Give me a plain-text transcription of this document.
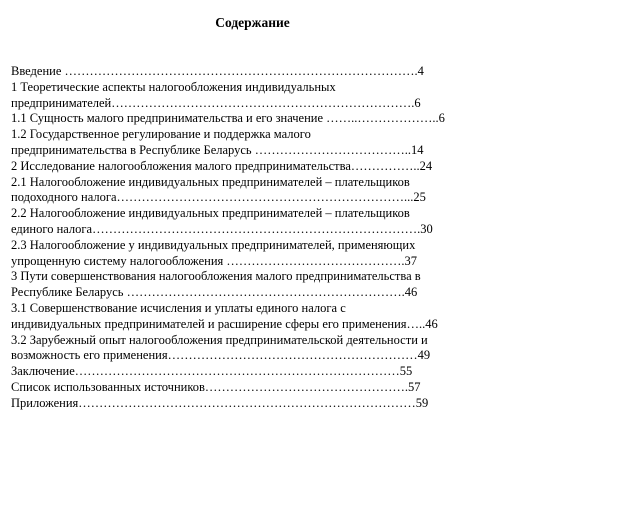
Содержание

Введение ………………………………………………………………………….4

1 Теоретические аспекты налогообложения индивидуальных
предпринимателей……………………………………………………………….6

1.1 Сущность малого предпринимательства и его значение ……..………………..6

1.2 Государственное регулирование и поддержка малого
предпринимательства в Республике Беларусь ………………………………..14

2 Исследование налогообложения малого предпринимательства……………..24

2.1 Налогообложение индивидуальных предпринимателей – плательщиков
подоходного налога……………………………………………………………...25

2.2 Налогообложение индивидуальных предпринимателей – плательщиков
единого налога…………………………………………………………………….30

2.3 Налогообложение у индивидуальных предпринимателей, применяющих
упрощенную систему налогообложения …………………………………….37

3 Пути совершенствования налогообложения малого предпринимательства в
Республике Беларусь ………………………………………………………….46

3.1 Совершенствование исчисления и уплаты единого налога с
индивидуальных предпринимателей и расширение сферы его применения…..46

3.2 Зарубежный опыт налогообложения предпринимательской деятельности и
возможность его применения……………………………………………………49

Заключение……………………………………………………………………55

Список использованных источников………………………………………….57

Приложения………………………………………………………………………59
